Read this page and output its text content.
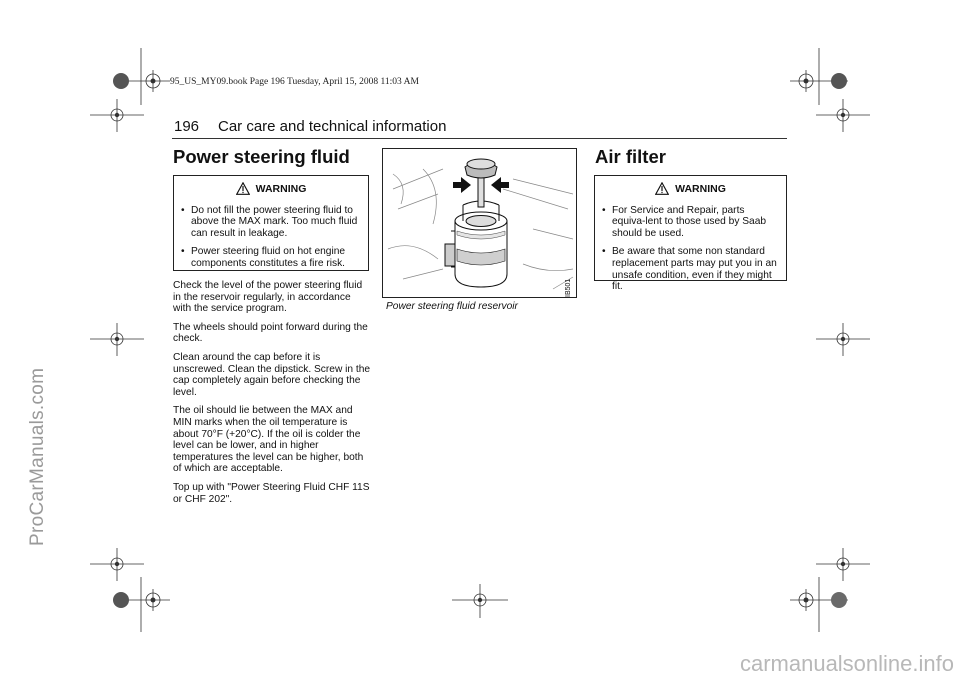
95_US_MY09.book Page 196 Tuesday, April 15, 2008 11:03 AM
196 Car care and technical information
Power steering fluid
WARNING
• Do not fill the power steering fluid to above the MAX mark. Too much fluid can result in leakage.
• Power steering fluid on hot engine components constitutes a fire risk.

Check the level of the power steering fluid in the reservoir regularly, in accordance with the service program.

The wheels should point forward during the check.

Clean around the cap before it is unscrewed. Clean the dipstick. Screw in the cap completely again before checking the level.

The oil should lie between the MAX and MIN marks when the oil temperature is about 70°F (+20°C). If the oil is colder the level can be lower, and in higher temperatures the level can be higher, both of which are acceptable.

Top up with "Power Steering Fluid CHF 11S or CHF 202".

IB501
Power steering fluid reservoir
Air filter
WARNING
• For Service and Repair, parts equiva-lent to those used by Saab should be used.
• Be aware that some non standard replacement parts may put you in an unsafe condition, even if they might fit.
ProCarManuals.com
carmanualsonline.info
